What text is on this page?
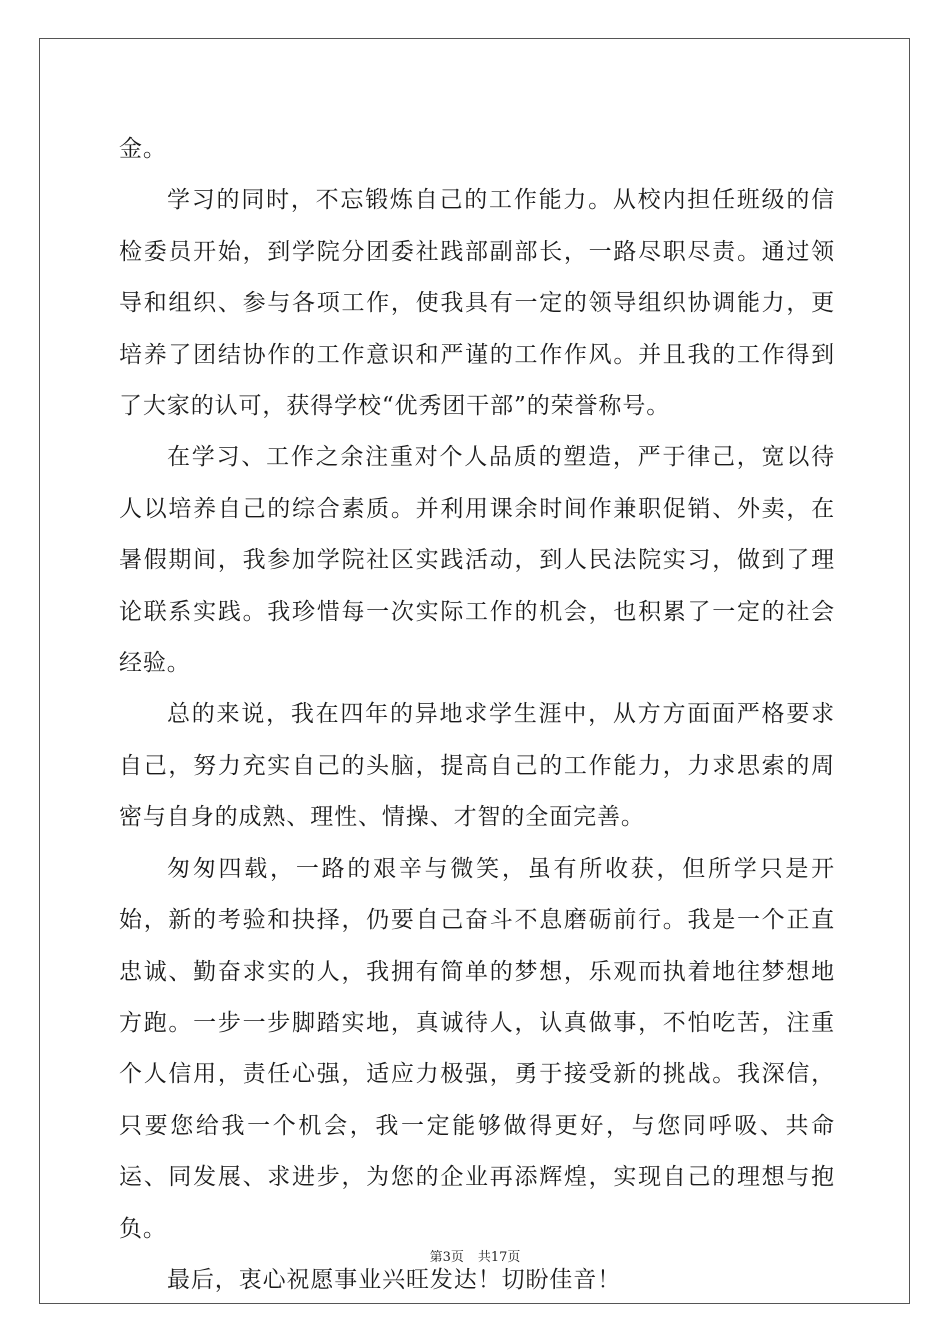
金。

学习的同时，不忘锻炼自己的工作能力。从校内担任班级的信检委员开始，到学院分团委社践部副部长，一路尽职尽责。通过领导和组织、参与各项工作，使我具有一定的领导组织协调能力，更培养了团结协作的工作意识和严谨的工作作风。并且我的工作得到了大家的认可，获得学校“优秀团干部”的荣誉称号。

在学习、工作之余注重对个人品质的塑造，严于律己，宽以待人以培养自己的综合素质。并利用课余时间作兼职促销、外卖，在暑假期间，我参加学院社区实践活动，到人民法院实习，做到了理论联系实践。我珍惜每一次实际工作的机会，也积累了一定的社会经验。

总的来说，我在四年的异地求学生涯中，从方方面面严格要求自己，努力充实自己的头脑，提高自己的工作能力，力求思索的周密与自身的成熟、理性、情操、才智的全面完善。

匆匆四载，一路的艰辛与微笑，虽有所收获，但所学只是开始，新的考验和抉择，仍要自己奋斗不息磨砺前行。我是一个正直忠诚、勤奋求实的人，我拥有简单的梦想，乐观而执着地往梦想地方跑。一步一步脚踏实地，真诚待人，认真做事，不怕吃苦，注重个人信用，责任心强，适应力极强，勇于接受新的挑战。我深信，只要您给我一个机会，我一定能够做得更好，与您同呼吸、共命运、同发展、求进步，为您的企业再添辉煌，实现自己的理想与抱负。

最后，衷心祝愿事业兴旺发达！切盼佳音！

第3页 共17页
